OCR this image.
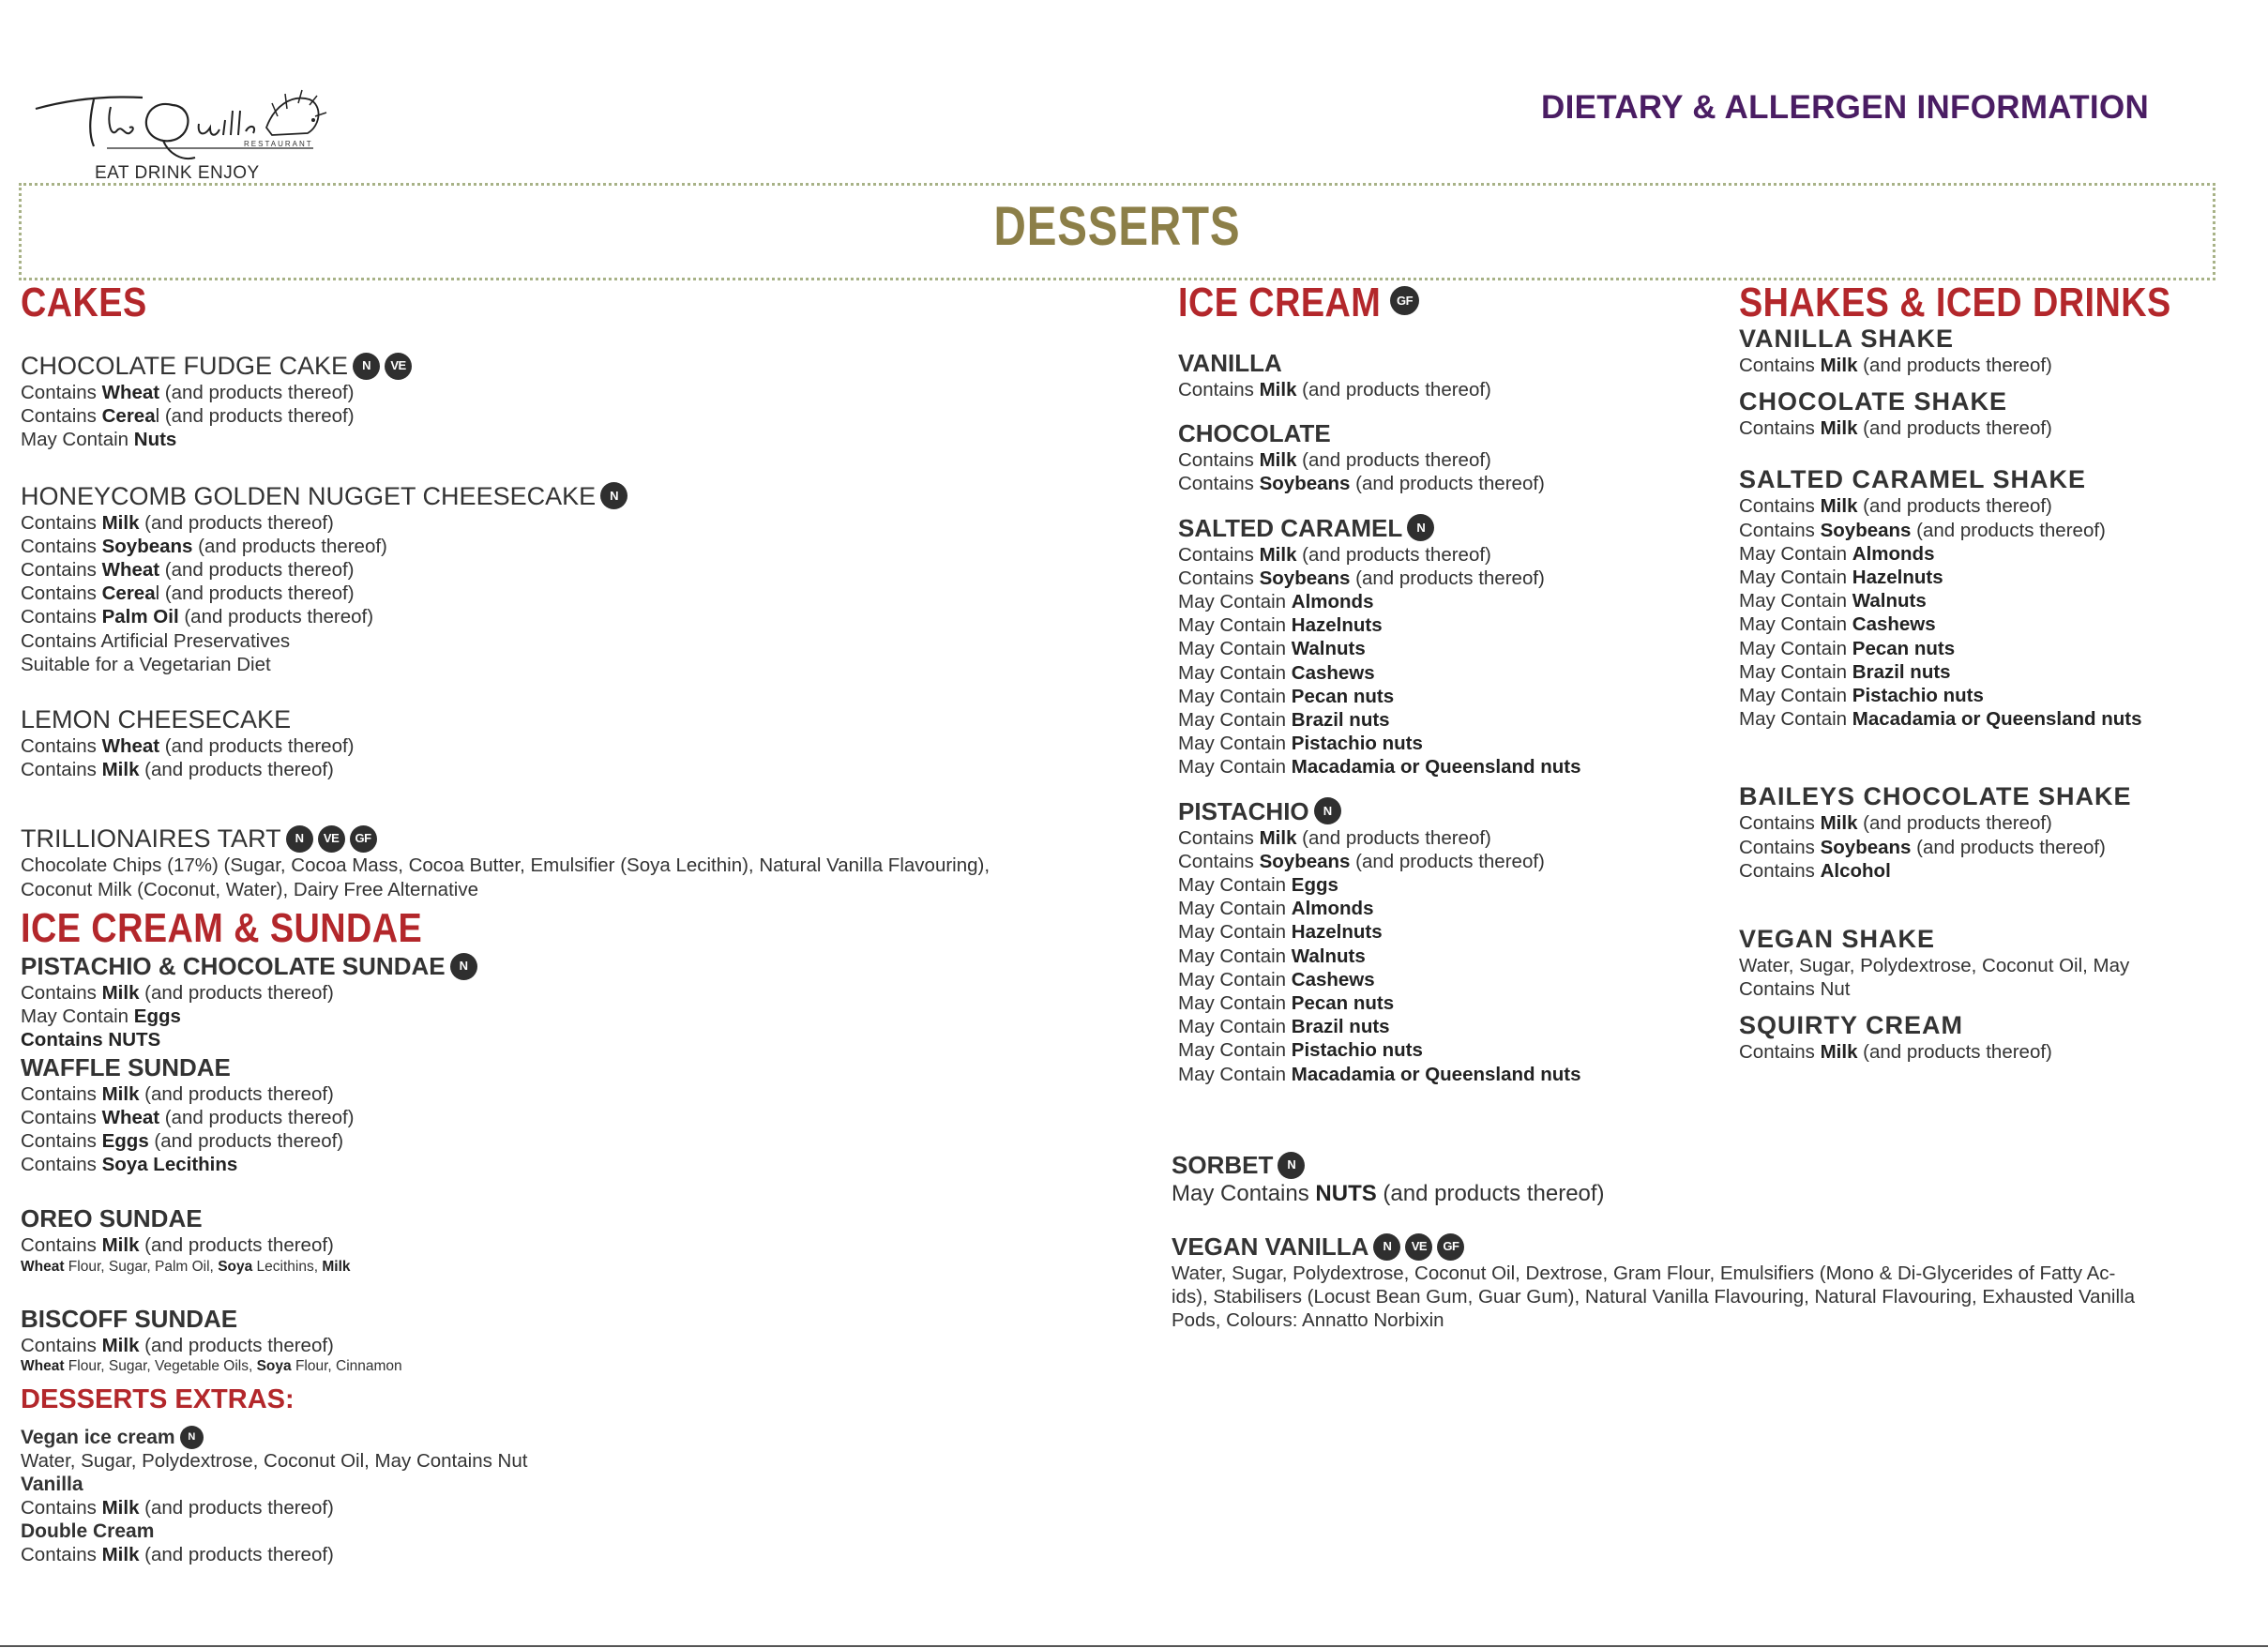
RESTAURANT
EAT DRINK ENJOY
DIETARY & ALLERGEN INFORMATION
DESSERTS
CAKES
CHOCOLATE FUDGE CAKE	N	VE
Contains Wheat (and products thereof)
Contains Cereal (and products thereof)
May Contain Nuts
HONEYCOMB GOLDEN NUGGET CHEESECAKE	N
Contains Milk (and products thereof)
Contains Soybeans (and products thereof)
Contains Wheat (and products thereof)
Contains Cereal (and products thereof)
Contains Palm Oil (and products thereof)
Contains Artificial Preservatives
Suitable for a Vegetarian Diet
LEMON CHEESECAKE
Contains Wheat (and products thereof)
Contains Milk (and products thereof)
TRILLIONAIRES TART	N	VE	GF
Chocolate Chips (17%) (Sugar, Cocoa Mass, Cocoa Butter, Emulsifier (Soya Lecithin), Natural Vanilla Flavouring),
Coconut Milk (Coconut, Water), Dairy Free Alternative
ICE CREAM & SUNDAE
PISTACHIO & CHOCOLATE SUNDAE	N
Contains Milk (and products thereof)
May Contain Eggs
Contains NUTS
WAFFLE SUNDAE
Contains Milk (and products thereof)
Contains Wheat (and products thereof)
Contains Eggs (and products thereof)
Contains Soya Lecithins
OREO SUNDAE
Contains Milk (and products thereof)
Wheat Flour, Sugar, Palm Oil, Soya Lecithins, Milk
BISCOFF SUNDAE
Contains Milk (and products thereof)
Wheat Flour, Sugar, Vegetable Oils, Soya Flour, Cinnamon
DESSERTS EXTRAS:
Vegan ice cream	N
Water, Sugar, Polydextrose, Coconut Oil, May Contains Nut
Vanilla
Contains Milk (and products thereof)
Double Cream
Contains Milk (and products thereof)
ICE CREAM	GF
VANILLA
Contains Milk (and products thereof)
CHOCOLATE
Contains Milk (and products thereof)
Contains Soybeans (and products thereof)
SALTED CARAMEL	N
Contains Milk (and products thereof)
Contains Soybeans (and products thereof)
May Contain Almonds
May Contain Hazelnuts
May Contain Walnuts
May Contain Cashews
May Contain Pecan nuts
May Contain Brazil nuts
May Contain Pistachio nuts
May Contain Macadamia or Queensland nuts
PISTACHIO	N
Contains Milk (and products thereof)
Contains Soybeans (and products thereof)
May Contain Eggs
May Contain Almonds
May Contain Hazelnuts
May Contain Walnuts
May Contain Cashews
May Contain Pecan nuts
May Contain Brazil nuts
May Contain Pistachio nuts
May Contain Macadamia or Queensland nuts
SORBET	N
May Contains NUTS (and products thereof)
VEGAN VANILLA	N	VE	GF
Water, Sugar, Polydextrose, Coconut Oil, Dextrose, Gram Flour, Emulsifiers (Mono & Di-Glycerides of Fatty Ac-
ids), Stabilisers (Locust Bean Gum, Guar Gum), Natural Vanilla Flavouring, Natural Flavouring, Exhausted Vanilla
Pods, Colours: Annatto Norbixin
SHAKES & ICED DRINKS
VANILLA SHAKE
Contains Milk (and products thereof)
CHOCOLATE SHAKE
Contains Milk (and products thereof)
SALTED CARAMEL SHAKE
Contains Milk (and products thereof)
Contains Soybeans (and products thereof)
May Contain Almonds
May Contain Hazelnuts
May Contain Walnuts
May Contain Cashews
May Contain Pecan nuts
May Contain Brazil nuts
May Contain Pistachio nuts
May Contain Macadamia or Queensland nuts
BAILEYS CHOCOLATE SHAKE
Contains Milk (and products thereof)
Contains Soybeans (and products thereof)
Contains Alcohol
VEGAN SHAKE
Water, Sugar, Polydextrose, Coconut Oil, May
Contains Nut
SQUIRTY CREAM
Contains Milk (and products thereof)
